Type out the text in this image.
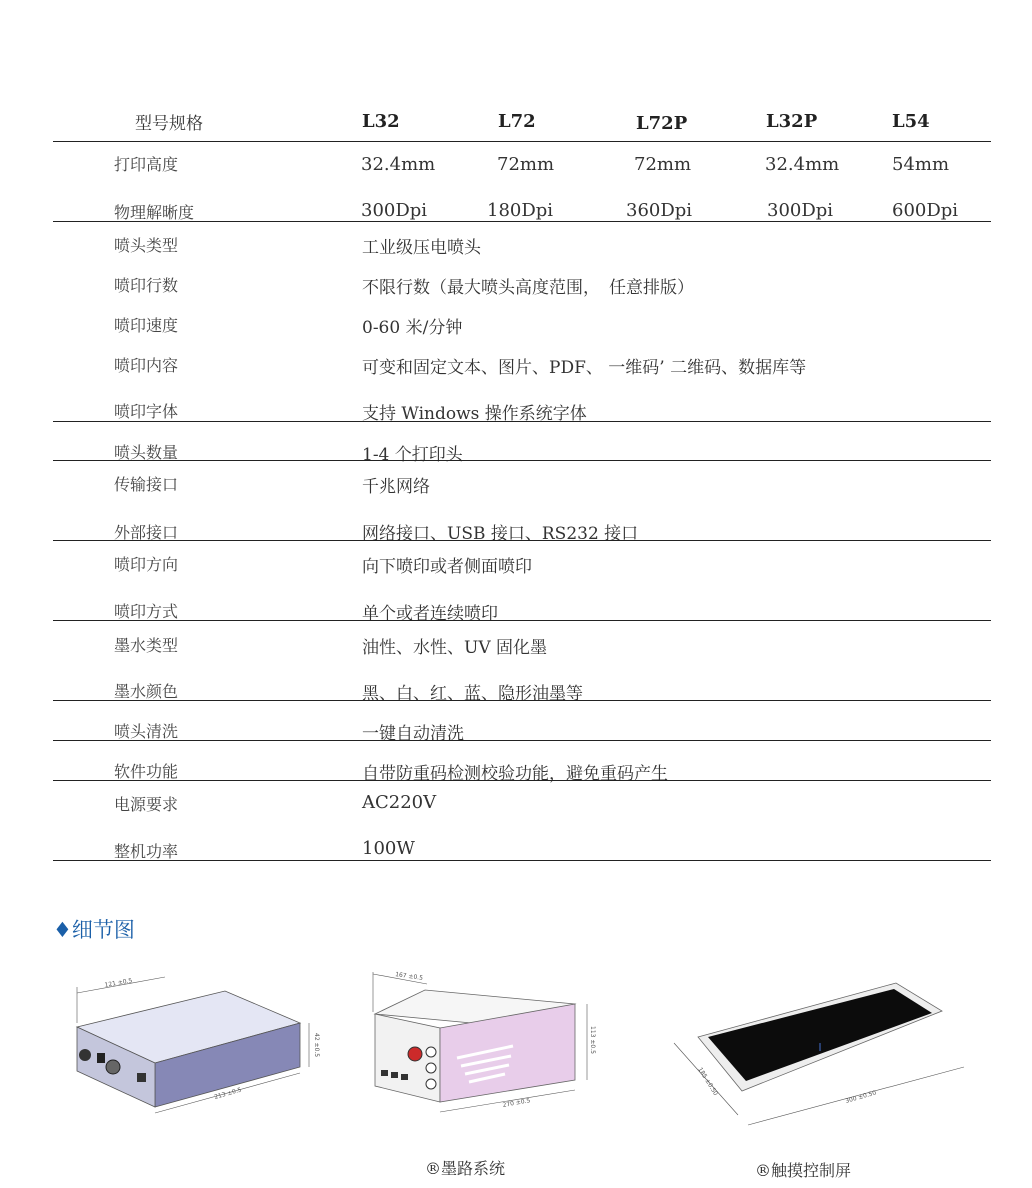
型号规格	L32	L72	L72P	L32P	L54
打印高度	32.4mm	72mm	72mm	32.4mm	54mm
物理解晰度	300Dpi	180Dpi	360Dpi	300Dpi	600Dpi
喷头类型	工业级压电喷头
喷印行数	不限行数（最大喷头高度范围， 任意排版）
喷印速度	0-60 米/分钟
喷印内容	可变和固定文本、图片、PDF、 一维码’ 二维码、数据库等
喷印字体	支持 Windows 操作系统字体
喷头数量	1-4 个打印头
传输接口	千兆网络
外部接口	网络接口、USB 接口、RS232 接口
喷印方向	向下喷印或者侧面喷印
喷印方式	单个或者连续喷印
墨水类型	油性、水性、UV 固化墨
墨水颜色	黑、白、红、蓝、隐形油墨等
喷头清洗	一键自动清洗
软件功能	自带防重码检测校验功能，避免重码产生
电源要求	AC220V
整机功率	100W
♦细节图
121 ±0.5
213 ±0.5
42 ±0.5
167 ±0.5
270 ±0.5
113 ±0.5
185 ±0.50
300 ±0.50
®墨路系统	®触摸控制屏
